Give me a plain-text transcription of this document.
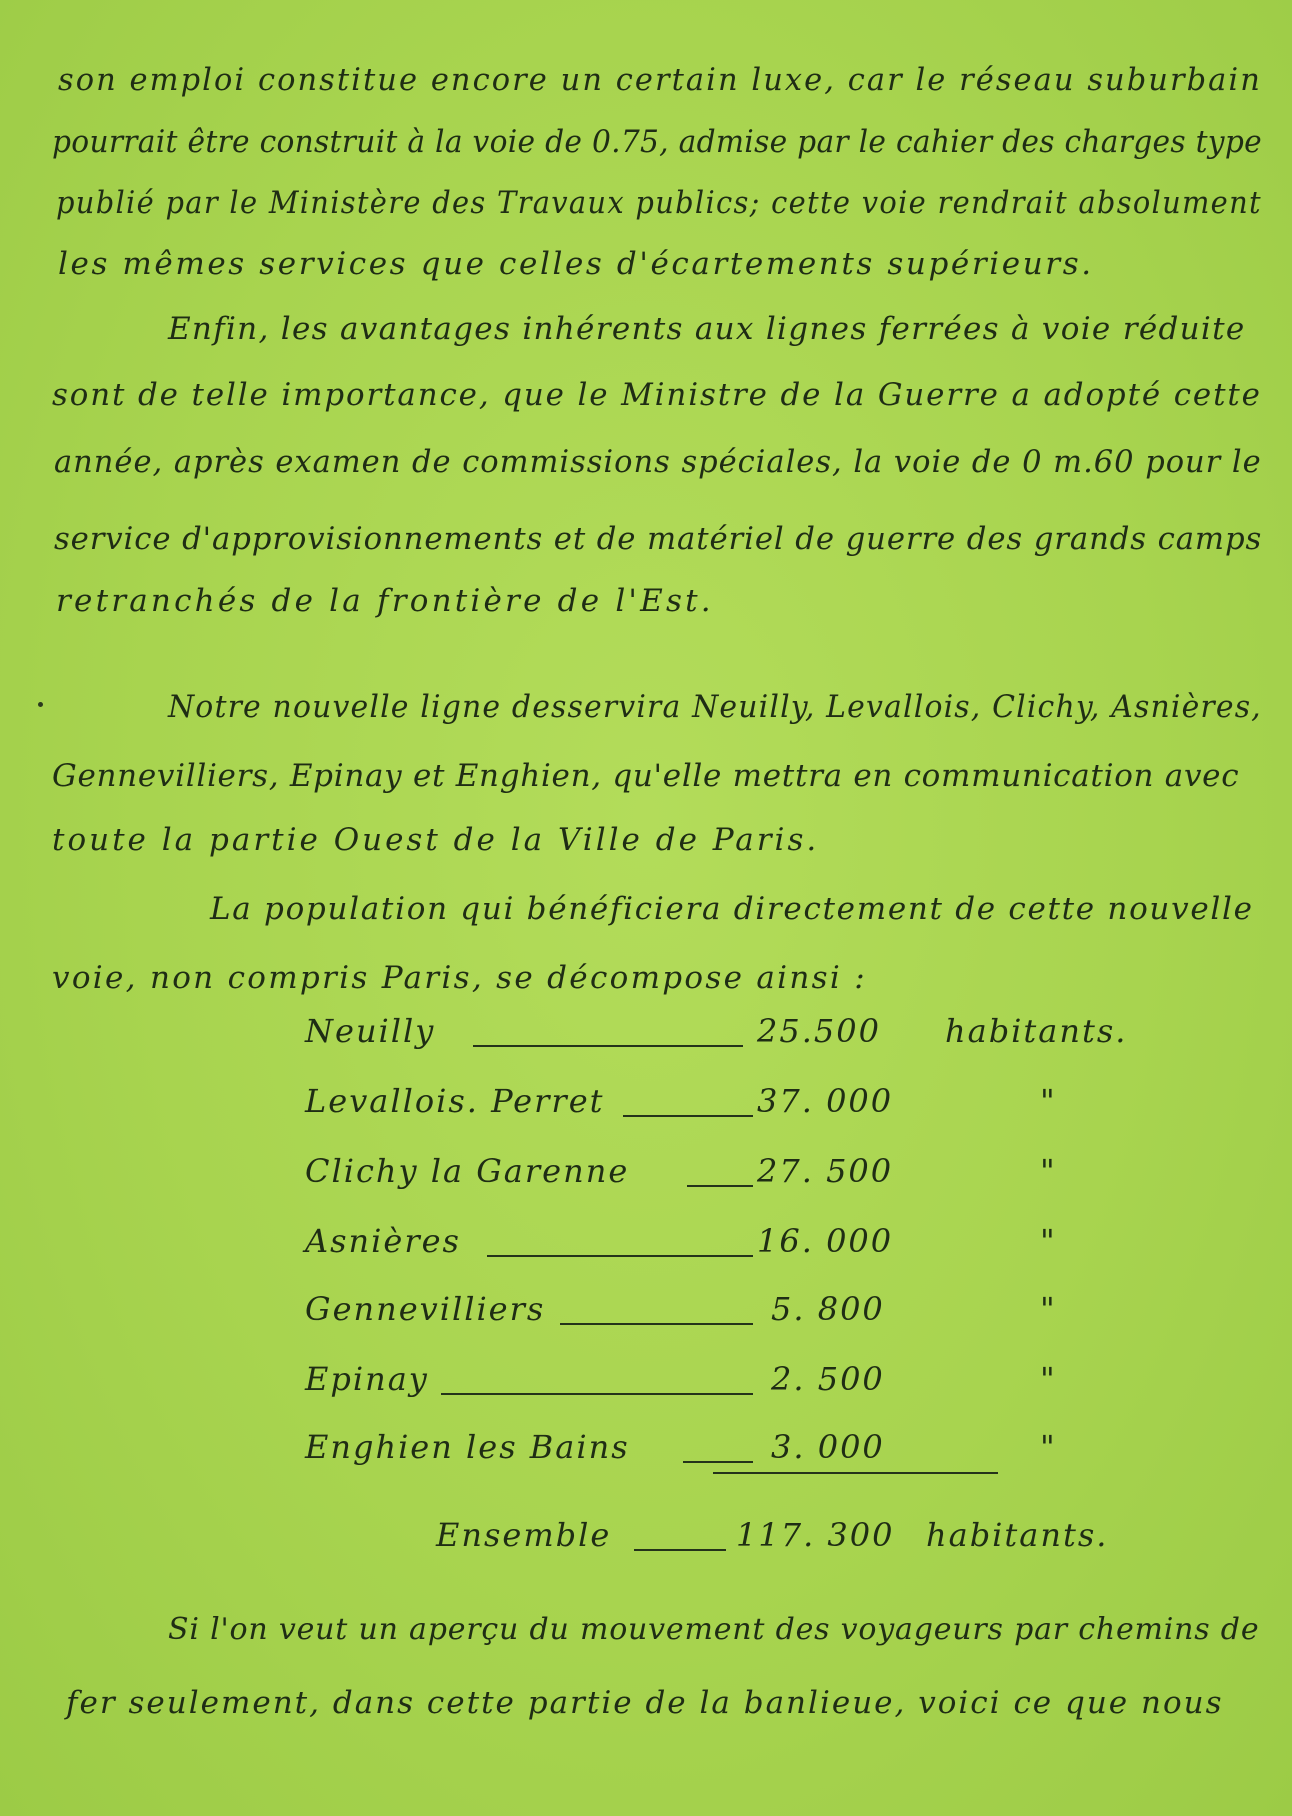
son emploi constitue encore un certain luxe, car le réseau suburbain
pourrait être construit à la voie de 0.75, admise par le cahier des charges type
publié par le Ministère des Travaux publics; cette voie rendrait absolument
les mêmes services que celles d'écartements supérieurs.
Enfin, les avantages inhérents aux lignes ferrées à voie réduite
sont de telle importance, que le Ministre de la Guerre a adopté cette
année, après examen de commissions spéciales, la voie de 0 m.60 pour le
service d'approvisionnements et de matériel de guerre des grands camps
retranchés de la frontière de l'Est.
Notre nouvelle ligne desservira Neuilly, Levallois, Clichy, Asnières,
Gennevilliers, Epinay et Enghien, qu'elle mettra en communication avec
toute la partie Ouest de la Ville de Paris.
La population qui bénéficiera directement de cette nouvelle
voie, non compris Paris, se décompose ainsi :
Neuilly	25.500 habitants.
Levallois. Perret	37. 000	"
Clichy la Garenne	27. 500	"
Asnières	16. 000	"
Gennevilliers	5. 800	"
Epinay	2. 500	"
Enghien les Bains	3. 000	"
Ensemble	117. 300 habitants.
Si l'on veut un aperçu du mouvement des voyageurs par chemins de
fer seulement, dans cette partie de la banlieue, voici ce que nous
